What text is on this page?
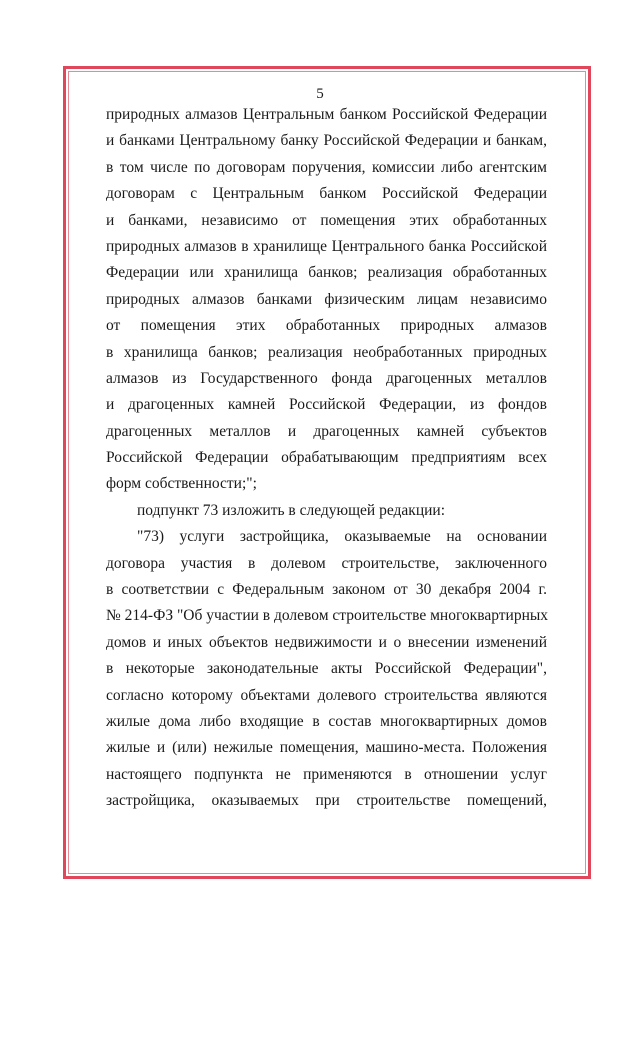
5
природных алмазов Центральным банком Российской Федерации
и банками Центральному банку Российской Федерации и банкам,
в том числе по договорам поручения, комиссии либо агентским
договорам с Центральным банком Российской Федерации
и банками, независимо от помещения этих обработанных
природных алмазов в хранилище Центрального банка Российской
Федерации или хранилища банков; реализация обработанных
природных алмазов банками физическим лицам независимо
от помещения этих обработанных природных алмазов
в хранилища банков; реализация необработанных природных
алмазов из Государственного фонда драгоценных металлов
и драгоценных камней Российской Федерации, из фондов
драгоценных металлов и драгоценных камней субъектов
Российской Федерации обрабатывающим предприятиям всех
форм собственности;";
подпункт 73 изложить в следующей редакции:
"73) услуги застройщика, оказываемые на основании
договора участия в долевом строительстве, заключенного
в соответствии с Федеральным законом от 30 декабря 2004 г.
№ 214-ФЗ "Об участии в долевом строительстве многоквартирных
домов и иных объектов недвижимости и о внесении изменений
в некоторые законодательные акты Российской Федерации",
согласно которому объектами долевого строительства являются
жилые дома либо входящие в состав многоквартирных домов
жилые и (или) нежилые помещения, машино-места. Положения
настоящего подпункта не применяются в отношении услуг
застройщика, оказываемых при строительстве помещений,
